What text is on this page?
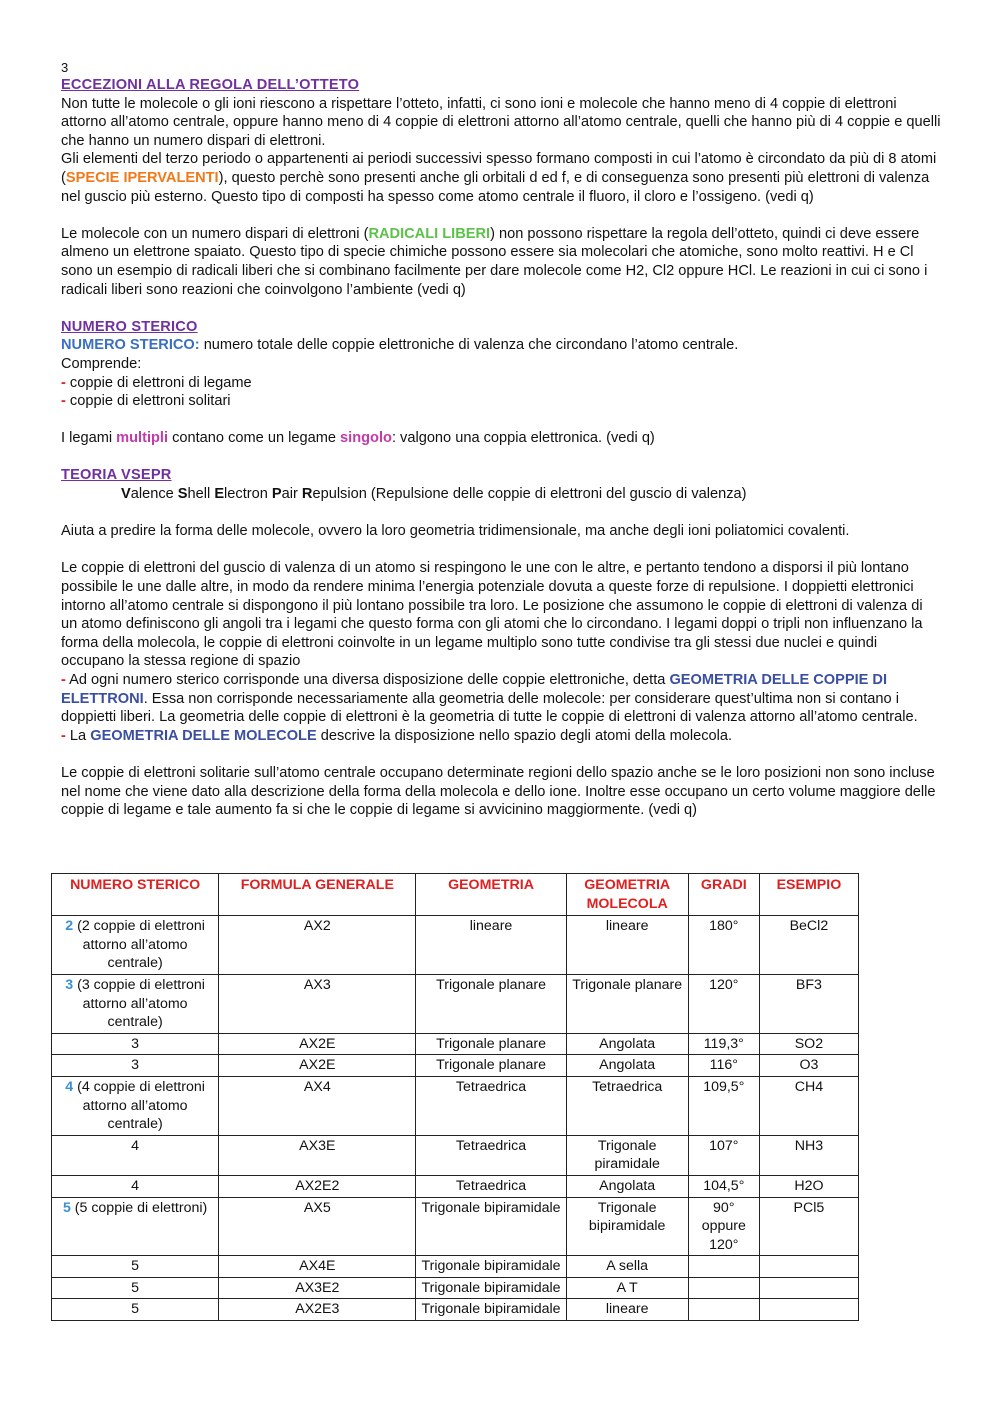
3
ECCEZIONI ALLA REGOLA DELL’OTTETO

Non tutte le molecole o gli ioni riescono a rispettare l’otteto, infatti, ci sono ioni e molecole che hanno meno di 4 coppie di elettroni attorno all’atomo centrale, oppure hanno meno di 4 coppie di elettroni attorno all’atomo centrale, quelli che hanno più di 4 coppie e quelli che hanno un numero dispari di elettroni.

Gli elementi del terzo periodo o appartenenti ai periodi successivi spesso formano composti in cui l’atomo è circondato da più di 8 atomi (SPECIE IPERVALENTI), questo perchè sono presenti anche gli orbitali d ed f, e di conseguenza sono presenti più elettroni di valenza nel guscio più esterno. Questo tipo di composti ha spesso come atomo centrale il fluoro, il cloro e l’ossigeno. (vedi q)

Le molecole con un numero dispari di elettroni (RADICALI LIBERI) non possono rispettare la regola dell’otteto, quindi ci deve essere almeno un elettrone spaiato. Questo tipo di specie chimiche possono essere sia molecolari che atomiche, sono molto reattivi. H e Cl sono un esempio di radicali liberi che si combinano facilmente per dare molecole come H2, Cl2 oppure HCl. Le reazioni in cui ci sono i radicali liberi sono reazioni che coinvolgono l’ambiente (vedi q)

NUMERO STERICO

NUMERO STERICO: numero totale delle coppie elettroniche di valenza che circondano l’atomo centrale.

Comprende:

- coppie di elettroni di legame

- coppie di elettroni solitari

I legami multipli contano come un legame singolo: valgono una coppia elettronica. (vedi q)

TEORIA VSEPR

Valence Shell Electron Pair Repulsion (Repulsione delle coppie di elettroni del guscio di valenza)

Aiuta a predire la forma delle molecole, ovvero la loro geometria tridimensionale, ma anche degli ioni poliatomici covalenti.

Le coppie di elettroni del guscio di valenza di un atomo si respingono le une con le altre, e pertanto tendono a disporsi il più lontano possibile le une dalle altre, in modo da rendere minima l’energia potenziale dovuta a queste forze di repulsione. I doppietti elettronici intorno all’atomo centrale si dispongono il più lontano possibile tra loro. Le posizione che assumono le coppie di elettroni di valenza di un atomo definiscono gli angoli tra i legami che questo forma con gli atomi che lo circondano. I legami doppi o tripli non influenzano la forma della molecola, le coppie di elettroni coinvolte in un legame multiplo sono tutte condivise tra gli stessi due nuclei e quindi occupano la stessa regione di spazio

- Ad ogni numero sterico corrisponde una diversa disposizione delle coppie elettroniche, detta GEOMETRIA DELLE COPPIE DI ELETTRONI. Essa non corrisponde necessariamente alla geometria delle molecole: per considerare quest’ultima non si contano i doppietti liberi. La geometria delle coppie di elettroni è la geometria di tutte le coppie di elettroni di valenza attorno all’atomo centrale.

- La GEOMETRIA DELLE MOLECOLE descrive la disposizione nello spazio degli atomi della molecola.

Le coppie di elettroni solitarie sull’atomo centrale occupano determinate regioni dello spazio anche se le loro posizioni non sono incluse nel nome che viene dato alla descrizione della forma della molecola e dello ione. Inoltre esse occupano un certo volume maggiore delle coppie di legame e tale aumento fa si che le coppie di legame si avvicinino maggiormente. (vedi q)

NUMERO STERICO	FORMULA GENERALE	GEOMETRIA	GEOMETRIA MOLECOLA	GRADI	ESEMPIO
2 (2 coppie di elettroni attorno all’atomo centrale)	AX2	lineare	lineare	180°	BeCl2
3 (3 coppie di elettroni attorno all’atomo centrale)	AX3	Trigonale planare	Trigonale planare	120°	BF3
3	AX2E	Trigonale planare	Angolata	119,3°	SO2
3	AX2E	Trigonale planare	Angolata	116°	O3
4 (4 coppie di elettroni attorno all’atomo centrale)	AX4	Tetraedrica	Tetraedrica	109,5°	CH4
4	AX3E	Tetraedrica	Trigonale piramidale	107°	NH3
4	AX2E2	Tetraedrica	Angolata	104,5°	H2O
5 (5 coppie di elettroni)	AX5	Trigonale bipiramidale	Trigonale bipiramidale	90° oppure 120°	PCl5
5	AX4E	Trigonale bipiramidale	A sella		
5	AX3E2	Trigonale bipiramidale	A T		
5	AX2E3	Trigonale bipiramidale	lineare		
